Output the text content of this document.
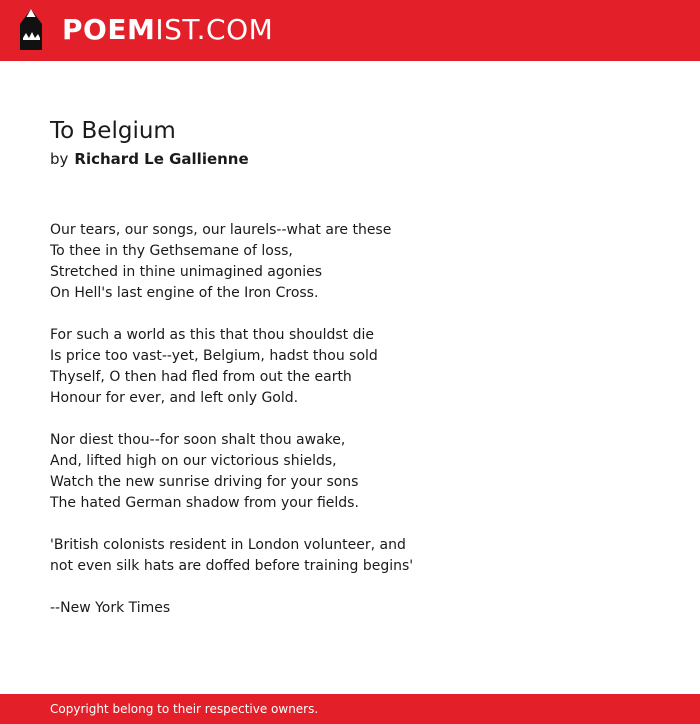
POEMIST.COM
To Belgium

by Richard Le Gallienne

Our tears, our songs, our laurels--what are these
To thee in thy Gethsemane of loss,
Stretched in thine unimagined agonies
On Hell's last engine of the Iron Cross.

For such a world as this that thou shouldst die
Is price too vast--yet, Belgium, hadst thou sold
Thyself, O then had fled from out the earth
Honour for ever, and left only Gold.

Nor diest thou--for soon shalt thou awake,
And, lifted high on our victorious shields,
Watch the new sunrise driving for your sons
The hated German shadow from your fields.

'British colonists resident in London volunteer, and
not even silk hats are doffed before training begins'

--New York Times

Copyright belong to their respective owners.
